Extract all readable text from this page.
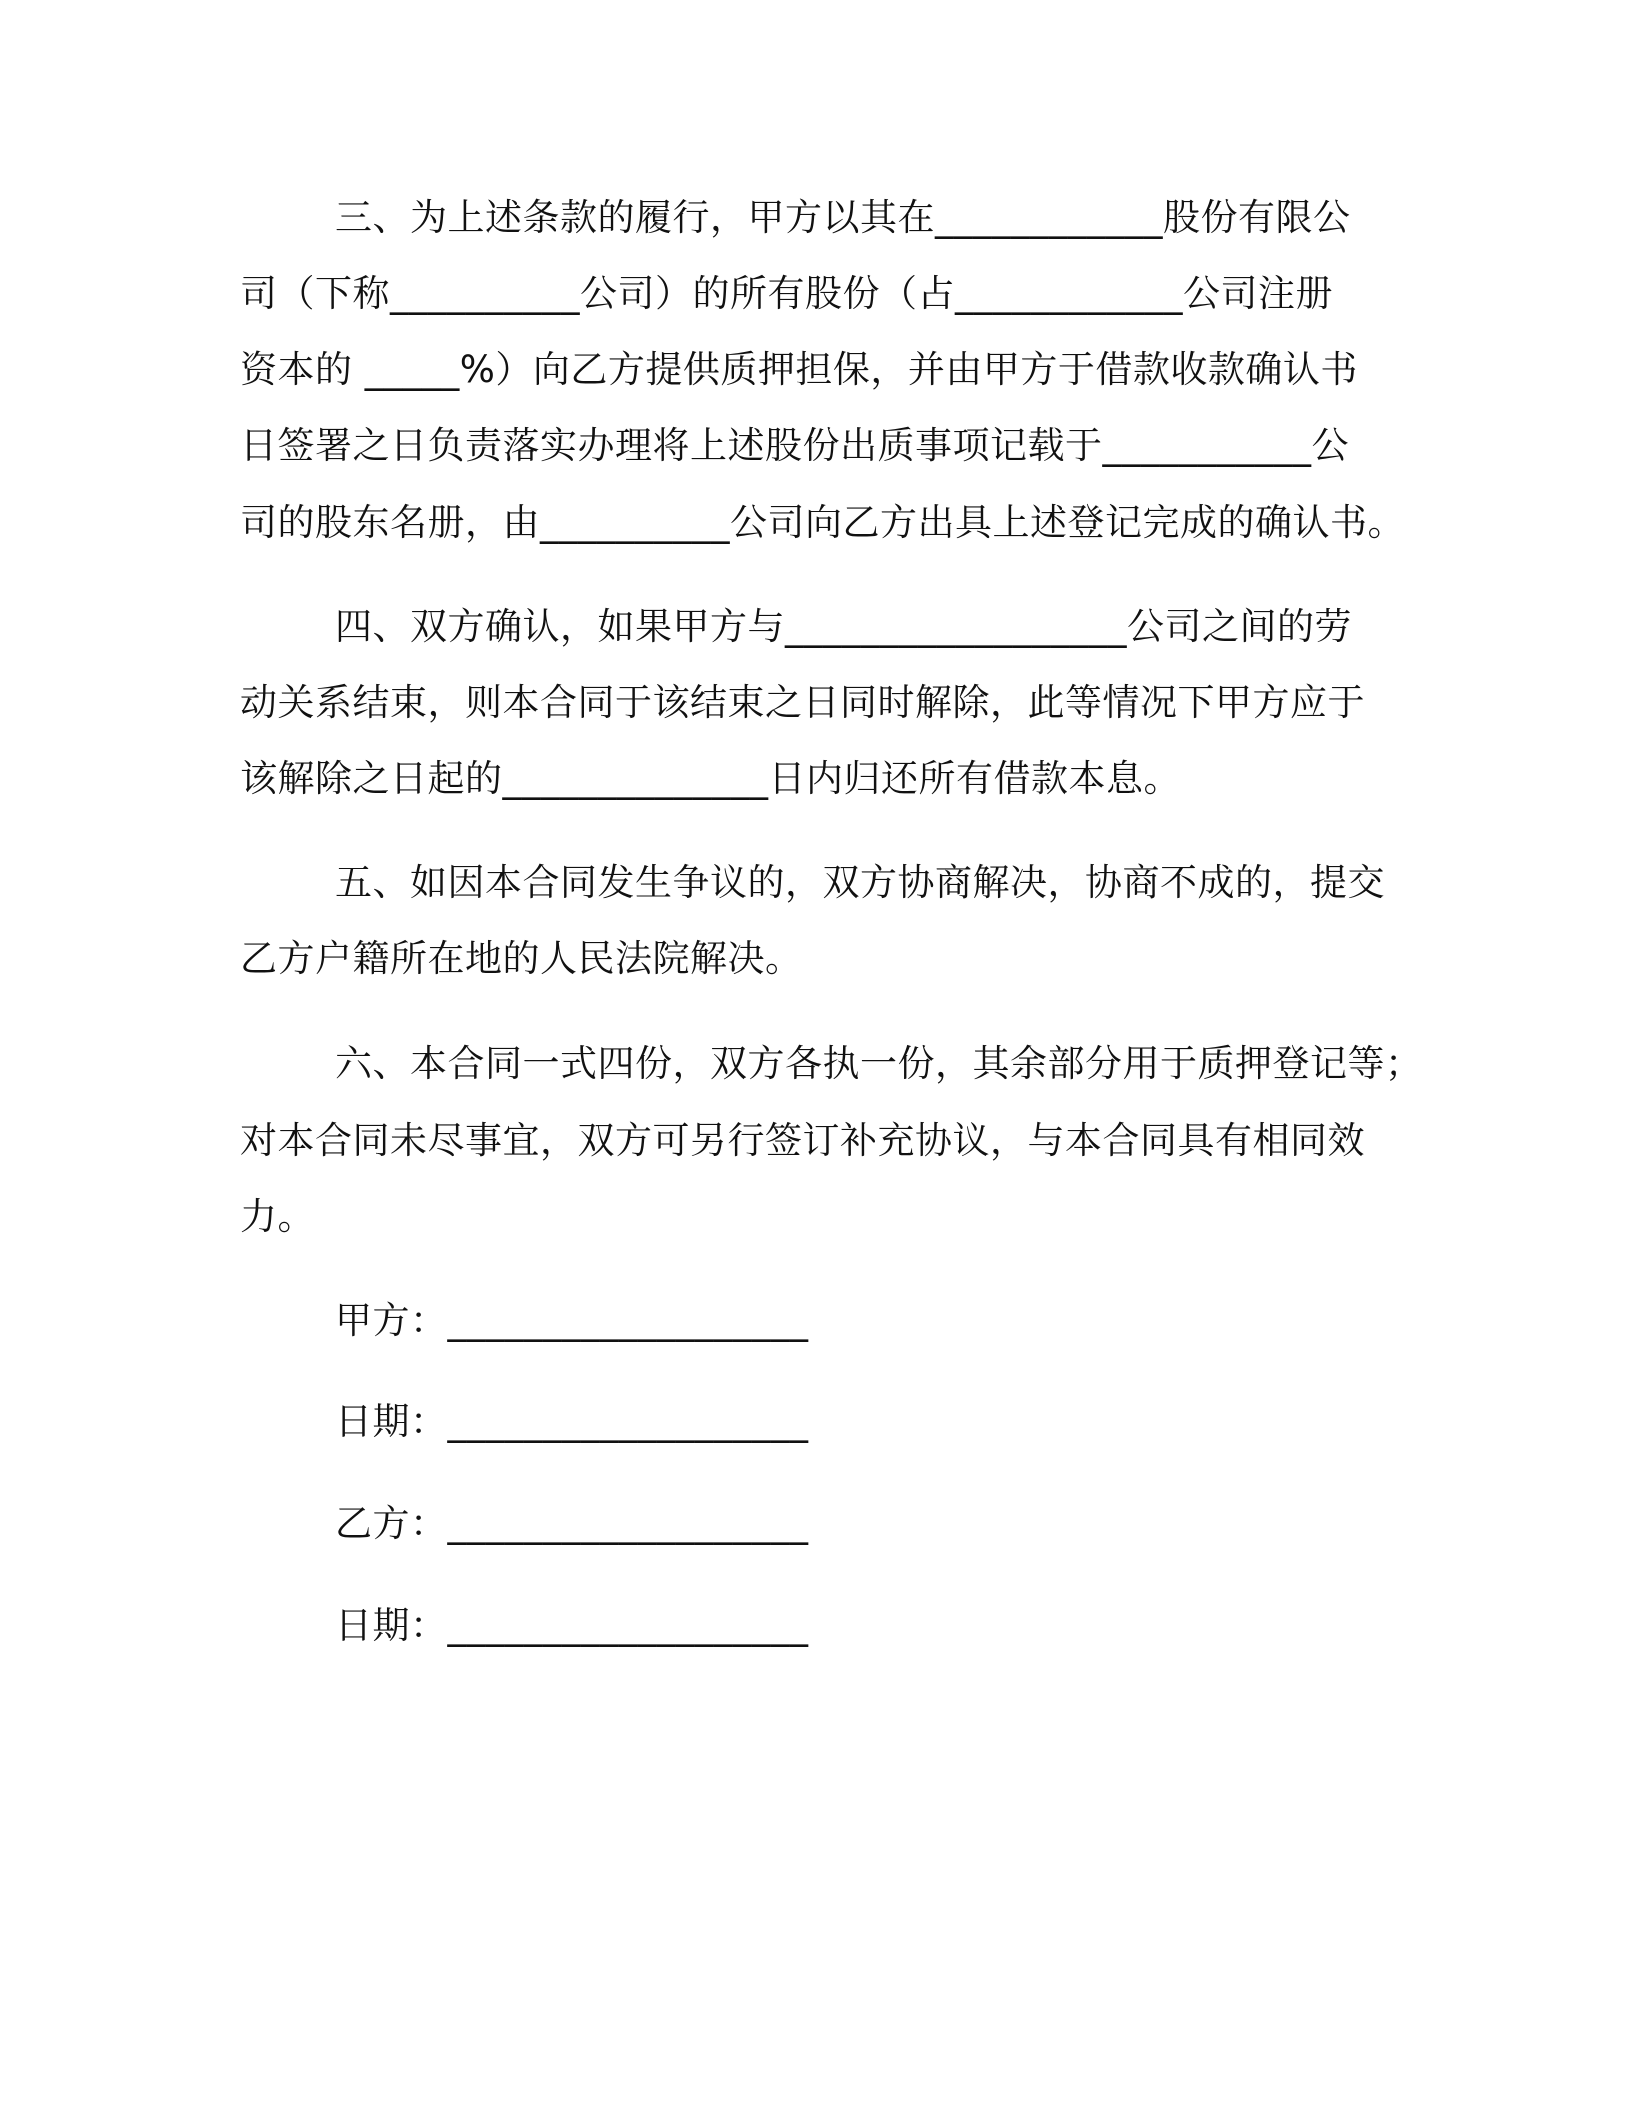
三、为上述条款的履行，甲方以其在____________股份有限公
司（下称__________公司）的所有股份（占____________公司注册
资本的 _____%）向乙方提供质押担保，并由甲方于借款收款确认书
日签署之日负责落实办理将上述股份出质事项记载于___________公
司的股东名册，由__________公司向乙方出具上述登记完成的确认书。
四、双方确认，如果甲方与__________________公司之间的劳
动关系结束，则本合同于该结束之日同时解除，此等情况下甲方应于
该解除之日起的______________日内归还所有借款本息。
五、如因本合同发生争议的，双方协商解决，协商不成的，提交
乙方户籍所在地的人民法院解决。
六、本合同一式四份，双方各执一份，其余部分用于质押登记等；
对本合同未尽事宜，双方可另行签订补充协议，与本合同具有相同效
力。
甲方：___________________
日期：___________________
乙方：___________________
日期：___________________
